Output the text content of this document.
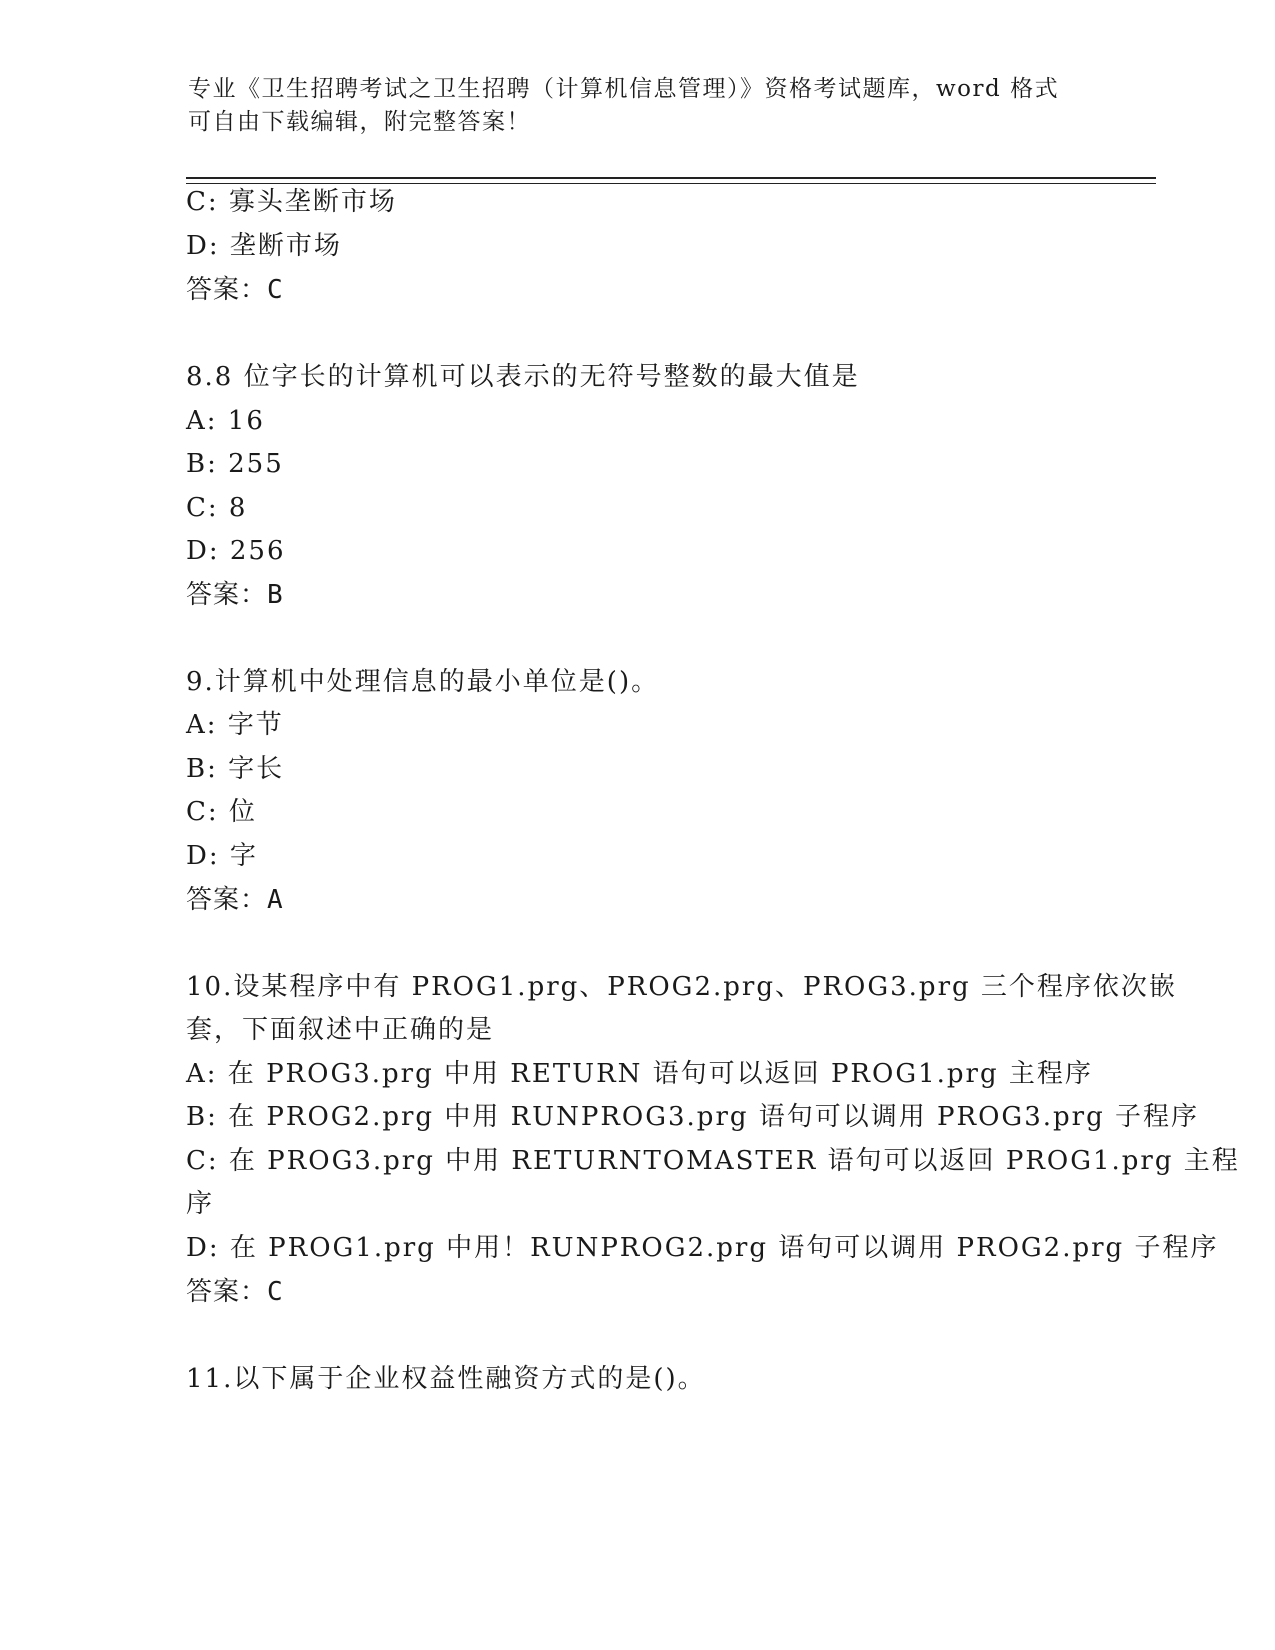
专业《卫生招聘考试之卫生招聘（计算机信息管理）》资格考试题库，word 格式
可自由下载编辑，附完整答案！
C: 寡头垄断市场
D: 垄断市场
答案：C
8.8 位字长的计算机可以表示的无符号整数的最大值是
A: 16
B: 255
C: 8
D: 256
答案：B
9.计算机中处理信息的最小单位是()。
A: 字节
B: 字长
C: 位
D: 字
答案：A
10.设某程序中有 PROG1.prg、PROG2.prg、PROG3.prg 三个程序依次嵌
套，下面叙述中正确的是
A: 在 PROG3.prg 中用 RETURN 语句可以返回 PROG1.prg 主程序
B: 在 PROG2.prg 中用 RUNPROG3.prg 语句可以调用 PROG3.prg 子程序
C: 在 PROG3.prg 中用 RETURNTOMASTER 语句可以返回 PROG1.prg 主程
序
D: 在 PROG1.prg 中用！RUNPROG2.prg 语句可以调用 PROG2.prg 子程序
答案：C
11.以下属于企业权益性融资方式的是()。
